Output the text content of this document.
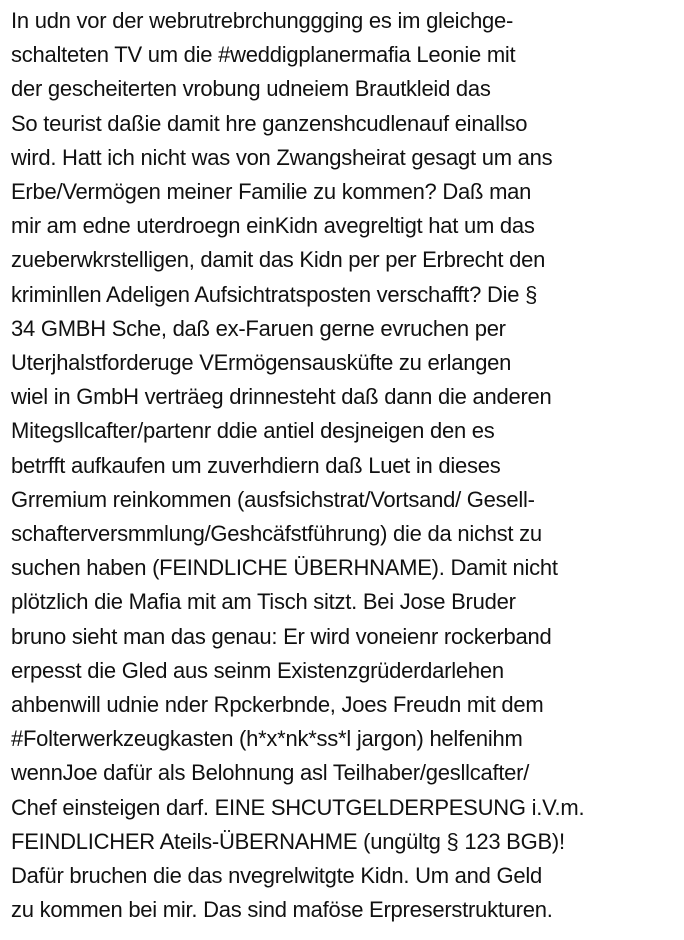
In udn vor der webrutrebrchunggging es im gleichge-
schalteten TV um die #weddigplanermafia Leonie mit
der gescheiterten vrobung udneiem Brautkleid das
So teurist daßie damit hre ganzenshcudlenauf einallso
wird. Hatt ich nicht was von Zwangsheirat gesagt um ans
Erbe/Vermögen meiner Familie zu kommen? Daß man
mir am edne uterdroegn einKidn avegreltigt hat um das
zueberwkrstelligen, damit das Kidn per per Erbrecht den
kriminllen Adeligen Aufsichtratsposten verschafft? Die §
34 GMBH Sche, daß ex-Faruen gerne evruchen per
Uterjhalstforderuge VErmögensausküfte zu erlangen
wiel in GmbH verträeg drinnesteht daß dann die anderen
Mitegsllcafter/partenr ddie antiel desjneigen den es
betrfft aufkaufen um zuverhdiern daß Luet in dieses
Grremium reinkommen (ausfsichstrat/Vortsand/ Gesell-
schafterversmmlung/Geshcäfstführung) die da nichst zu
suchen haben (FEINDLICHE ÜBERHNAME). Damit nicht
plötzlich die Mafia mit am Tisch sitzt. Bei Jose Bruder
bruno sieht man das genau: Er wird voneienr rockerband
erpesst die Gled aus seinm Existenzgrüderdarlehen
ahbenwill udnie nder Rpckerbnde, Joes Freudn mit dem
#Folterwerkzeugkasten (h*x*nk*ss*l jargon) helfenihm
wennJoe dafür als Belohnung asl Teilhaber/gesllcafter/
Chef einsteigen darf. EINE SHCUTGELDERPESUNG i.V.m.
FEINDLICHER Ateils-ÜBERNAHME (ungültg § 123 BGB)!
Dafür bruchen die das nvegrelwitgte Kidn. Um and Geld
zu kommen bei mir. Das sind maföse Erpreserstrukturen.
